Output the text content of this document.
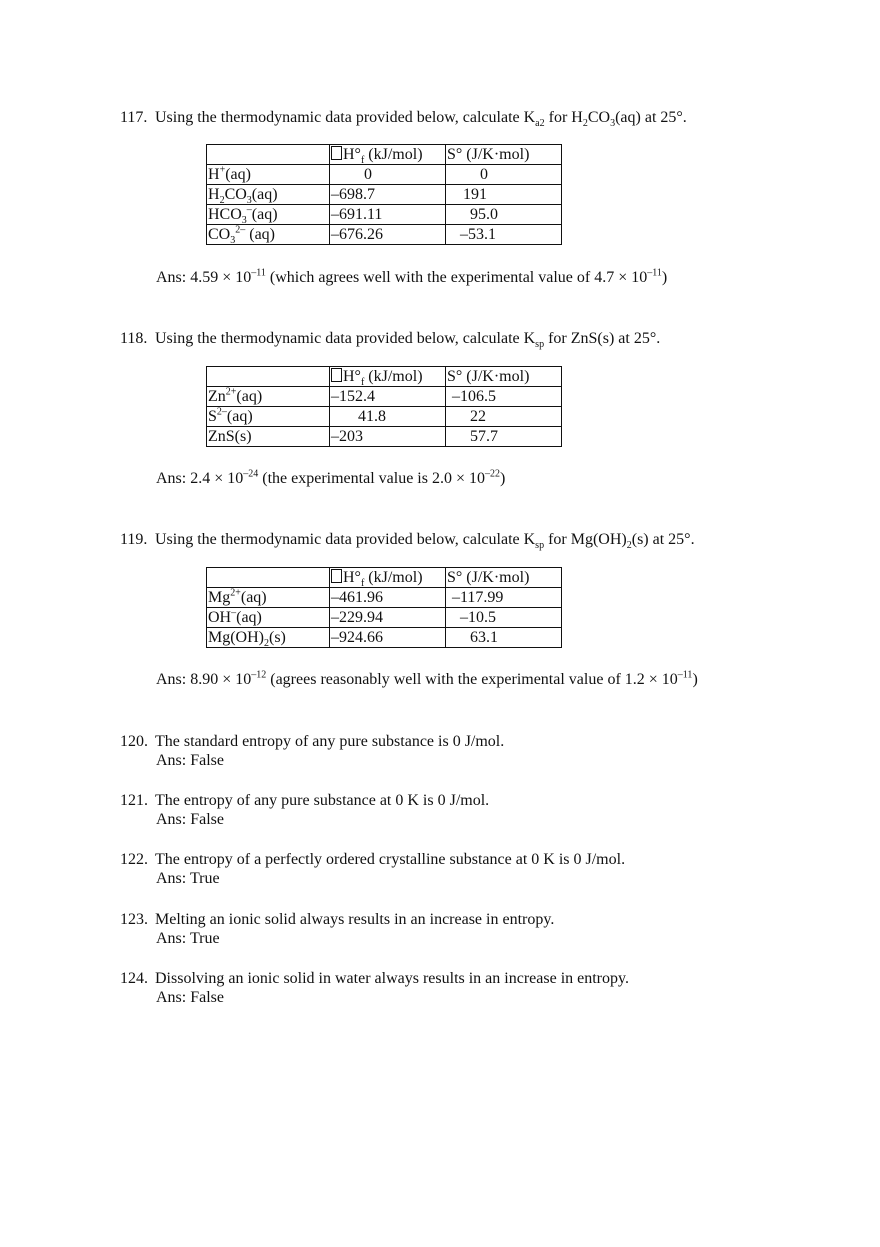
117. Using the thermodynamic data provided below, calculate $K_{a2}$ for $H_2CO_3(aq)$ at 25°.
	$H^\circ_f$ (kJ/mol)	S° (J/K·mol)
H+(aq)	0	0
$H_2CO_3(aq)$	–698.7	191
$HCO_3^-(aq)$	–691.11	95.0
$CO_3^{2-}$ (aq)	–676.26	–53.1
Ans: $4.59 \times 10^{-11}$ (which agrees well with the experimental value of $4.7 \times 10^{-11}$)
118. Using the thermodynamic data provided below, calculate $K_{sp}$ for ZnS(s) at 25°.
	$H^\circ_f$ (kJ/mol)	S° (J/K·mol)
$Zn^{2+}(aq)$	–152.4	–106.5
$S^{2-}(aq)$	41.8	22
ZnS(s)	–203	57.7
Ans: $2.4 \times 10^{-24}$ (the experimental value is $2.0 \times 10^{-22}$)
119. Using the thermodynamic data provided below, calculate $K_{sp}$ for $Mg(OH)_2(s)$ at 25°.
	$H^\circ_f$ (kJ/mol)	S° (J/K·mol)
$Mg^{2+}(aq)$	–461.96	–117.99
OH–(aq)	–229.94	–10.5
$Mg(OH)_2(s)$	–924.66	63.1
Ans: $8.90 \times 10^{-12}$ (agrees reasonably well with the experimental value of $1.2 \times 10^{-11}$)
120. The standard entropy of any pure substance is 0 J/mol.
Ans: False
121. The entropy of any pure substance at 0 K is 0 J/mol.
Ans: False
122. The entropy of a perfectly ordered crystalline substance at 0 K is 0 J/mol.
Ans: True
123. Melting an ionic solid always results in an increase in entropy.
Ans: True
124. Dissolving an ionic solid in water always results in an increase in entropy.
Ans: False
